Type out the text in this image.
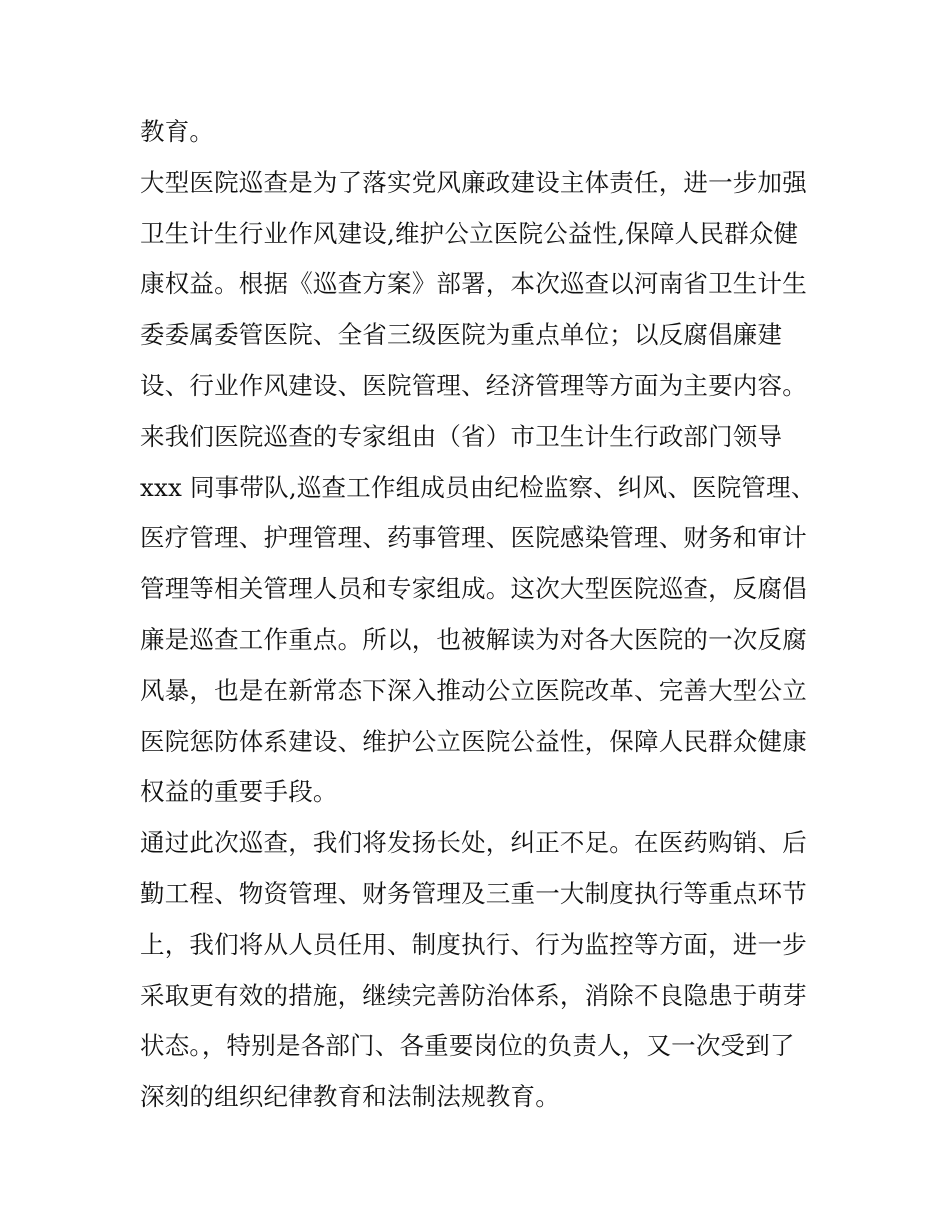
教育。
大型医院巡查是为了落实党风廉政建设主体责任，进一步加强
卫生计生行业作风建设,维护公立医院公益性,保障人民群众健
康权益。根据《巡查方案》部署，本次巡查以河南省卫生计生
委委属委管医院、全省三级医院为重点单位；以反腐倡廉建
设、行业作风建设、医院管理、经济管理等方面为主要内容。
来我们医院巡查的专家组由（省）市卫生计生行政部门领导
xxx 同事带队,巡查工作组成员由纪检监察、纠风、医院管理、
医疗管理、护理管理、药事管理、医院感染管理、财务和审计
管理等相关管理人员和专家组成。这次大型医院巡查，反腐倡
廉是巡查工作重点。所以，也被解读为对各大医院的一次反腐
风暴，也是在新常态下深入推动公立医院改革、完善大型公立
医院惩防体系建设、维护公立医院公益性，保障人民群众健康
权益的重要手段。
通过此次巡查，我们将发扬长处，纠正不足。在医药购销、后
勤工程、物资管理、财务管理及三重一大制度执行等重点环节
上，我们将从人员任用、制度执行、行为监控等方面，进一步
采取更有效的措施，继续完善防治体系，消除不良隐患于萌芽
状态。，特别是各部门、各重要岗位的负责人，又一次受到了
深刻的组织纪律教育和法制法规教育。
